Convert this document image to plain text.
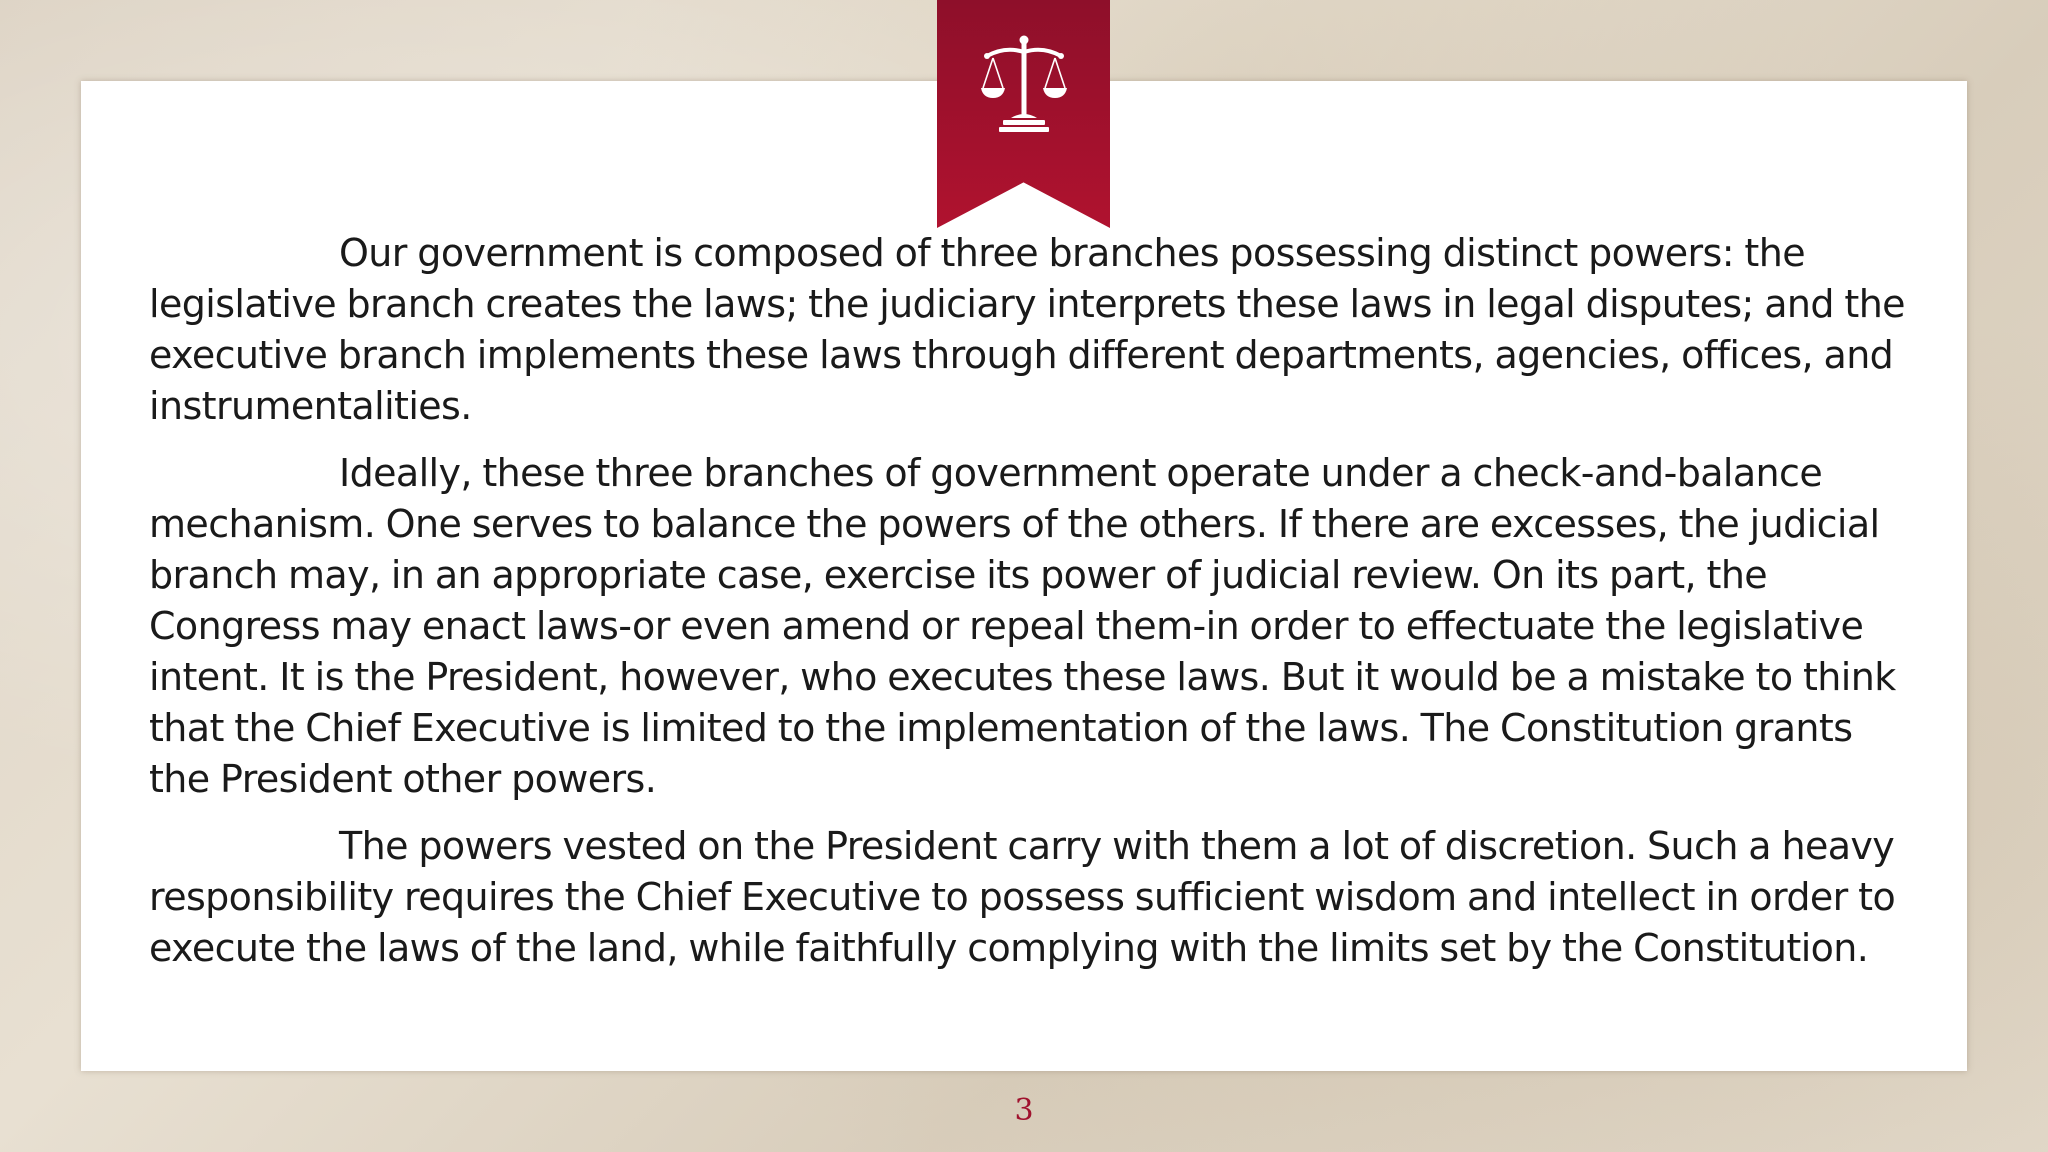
Our government is composed of three branches possessing distinct powers: the legislative branch creates the laws; the judiciary interprets these laws in legal disputes; and the executive branch implements these laws through different departments, agencies, offices, and instrumentalities.

Ideally, these three branches of government operate under a check-and-balance mechanism. One serves to balance the powers of the others. If there are excesses, the judicial branch may, in an appropriate case, exercise its power of judicial review. On its part, the Congress may enact laws-or even amend or repeal them-in order to effectuate the legislative intent. It is the President, however, who executes these laws. But it would be a mistake to think that the Chief Executive is limited to the implementation of the laws. The Constitution grants the President other powers.

The powers vested on the President carry with them a lot of discretion. Such a heavy responsibility requires the Chief Executive to possess sufficient wisdom and intellect in order to execute the laws of the land, while faithfully complying with the limits set by the Constitution.

3
